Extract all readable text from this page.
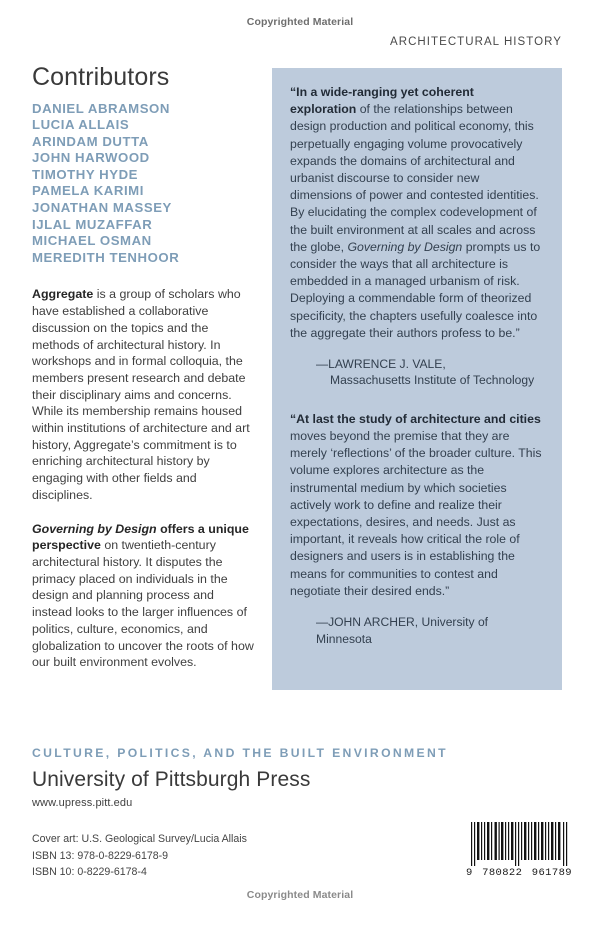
Copyrighted Material
ARCHITECTURAL HISTORY
Contributors
DANIEL ABRAMSON
LUCIA ALLAIS
ARINDAM DUTTA
JOHN HARWOOD
TIMOTHY HYDE
PAMELA KARIMI
JONATHAN MASSEY
IJLAL MUZAFFAR
MICHAEL OSMAN
MEREDITH TENHOOR

Aggregate is a group of scholars who have established a collaborative discussion on the topics and the methods of architectural history. In workshops and in formal colloquia, the members present research and debate their disciplinary aims and concerns. While its membership remains housed within institutions of architecture and art history, Aggregate’s commitment is to enriching architectural history by engaging with other fields and disciplines.

Governing by Design offers a unique perspective on twentieth-century architectural history. It disputes the primacy placed on individuals in the design and planning process and instead looks to the larger influences of politics, culture, economics, and globalization to uncover the roots of how our built environment evolves.

“In a wide-ranging yet coherent exploration of the relationships between design production and political economy, this perpetually engaging volume provocatively expands the domains of architectural and urbanist discourse to consider new dimensions of power and contested identities. By elucidating the complex codevelopment of the built environment at all scales and across the globe, Governing by Design prompts us to consider the ways that all architecture is embedded in a managed urbanism of risk. Deploying a commendable form of theorized specificity, the chapters usefully coalesce into the aggregate their authors profess to be.”

—LAWRENCE J. VALE,
Massachusetts Institute of Technology

“At last the study of architecture and cities moves beyond the premise that they are merely ‘reflections’ of the broader culture. This volume explores architecture as the instrumental medium by which societies actively work to define and realize their expectations, desires, and needs. Just as important, it reveals how critical the role of designers and users is in establishing the means for communities to contest and negotiate their desired ends.”

—JOHN ARCHER, University of Minnesota

CULTURE, POLITICS, AND THE BUILT ENVIRONMENT
University of Pittsburgh Press
www.upress.pitt.edu
Cover art: U.S. Geological Survey/Lucia Allais
ISBN 13: 978-0-8229-6178-9
ISBN 10: 0-8229-6178-4	9 780822 961789
Copyrighted Material
